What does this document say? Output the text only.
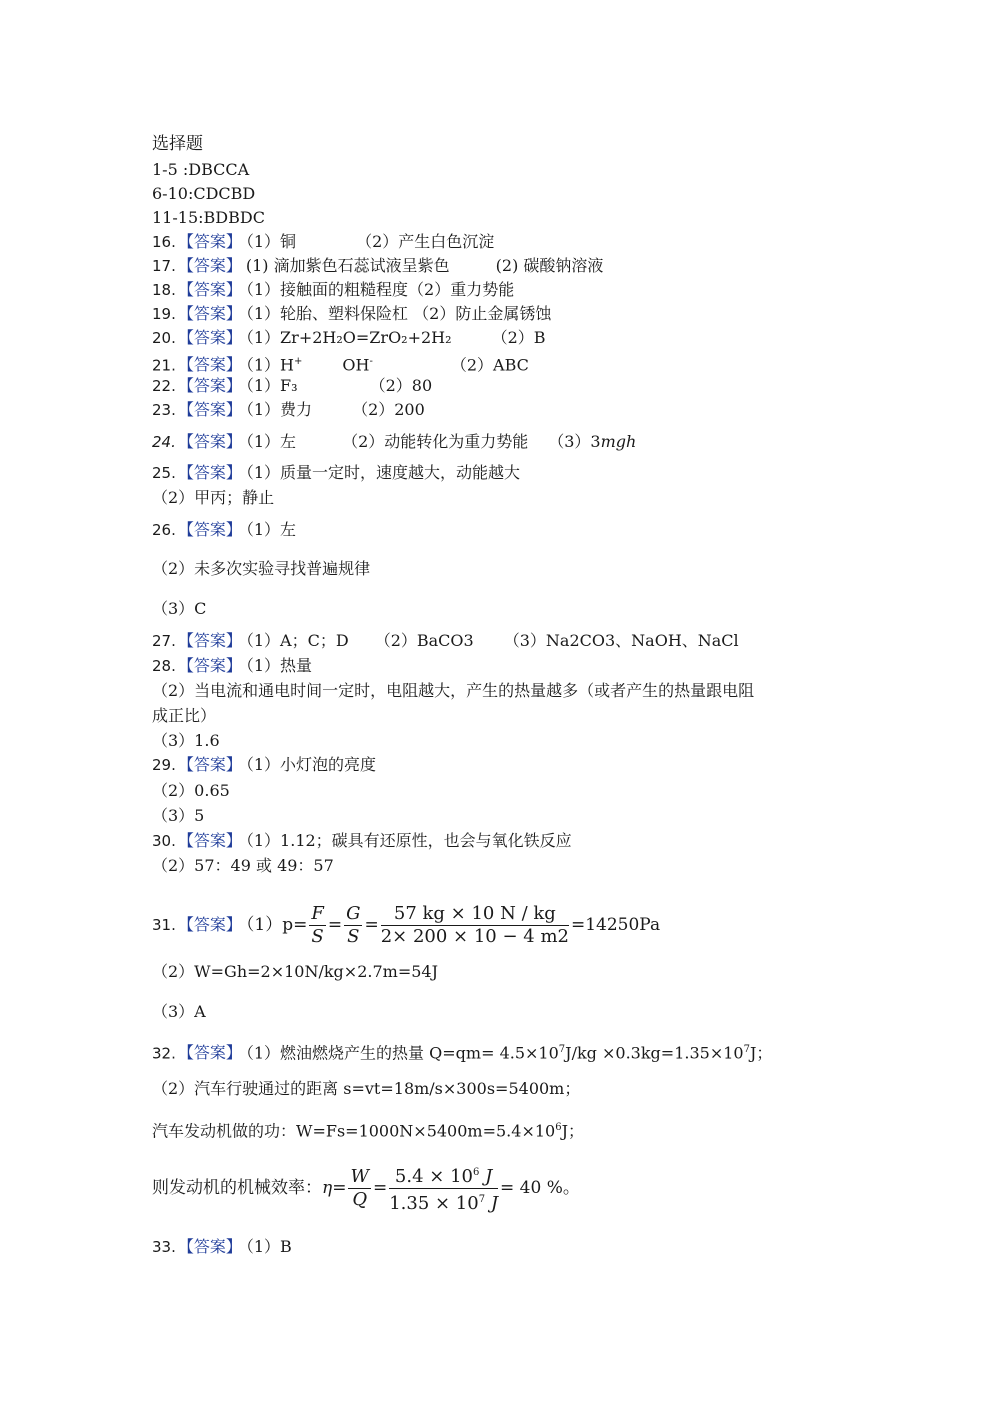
选择题
1-5 :DBCCA
6-10:CDCBD
11-15:BDBDC
16. 【答案】 （1）铜	（2）产生白色沉淀
17. 【答案】 (1) 滴加紫色石蕊试液呈紫色	(2) 碳酸钠溶液
18. 【答案】 （1）接触面的粗糙程度（2）重力势能
19. 【答案】 （1）轮胎、塑料保险杠 （2）防止金属锈蚀
20. 【答案】 （1）Zr+2H₂O=ZrO₂+2H₂	（2）B
21. 【答案】 （1）H+	OH-	（2）ABC
22. 【答案】 （1）F₃	（2）80
23. 【答案】 （1）费力	（2）200
24. 【答案】 （1）左	（2）动能转化为重力势能 （3）3mgh
25. 【答案】 （1）质量一定时，速度越大，动能越大
（2）甲丙；静止
26. 【答案】 （1）左
（2）未多次实验寻找普遍规律
（3）C
27. 【答案】 （1）A；C；D （2）BaCO3 （3）Na2CO3、NaOH、NaCl
28. 【答案】 （1）热量
（2）当电流和通电时间一定时，电阻越大，产生的热量越多（或者产生的热量跟电阻
成正比）
（3）1.6
29. 【答案】 （1）小灯泡的亮度
（2）0.65
（3）5
30. 【答案】 （1）1.12；碳具有还原性，也会与氧化铁反应
（2）57：49 或 49：57
31. 【答案】 $(1)p= \frac{F}{S} = \frac{G}{S} = \frac{57 kg \times 10 N / kg}{2\times 200 \times 10 - 4 m2} =14250Pa$
（2）W=Gh=2×10N/kg×2.7m=54J
（3）A
32. 【答案】 （1）燃油燃烧产生的热量 $Q=qm= 4.5\times 10^7J/kg \times 0.3kg=1.35\times 10^7J$；
（2）汽车行驶通过的距离 s=vt=18m/s×300s=5400m；
汽车发动机做的功：$W=Fs=1000N\times 5400m=5.4\times 10^6J$；
则发动机的机械效率：$\eta= \frac{W}{Q} = \frac{5.4 \times 10^6 J}{1.35 \times 10^7 J} = 40$ %。
33. 【答案】 （1）B
